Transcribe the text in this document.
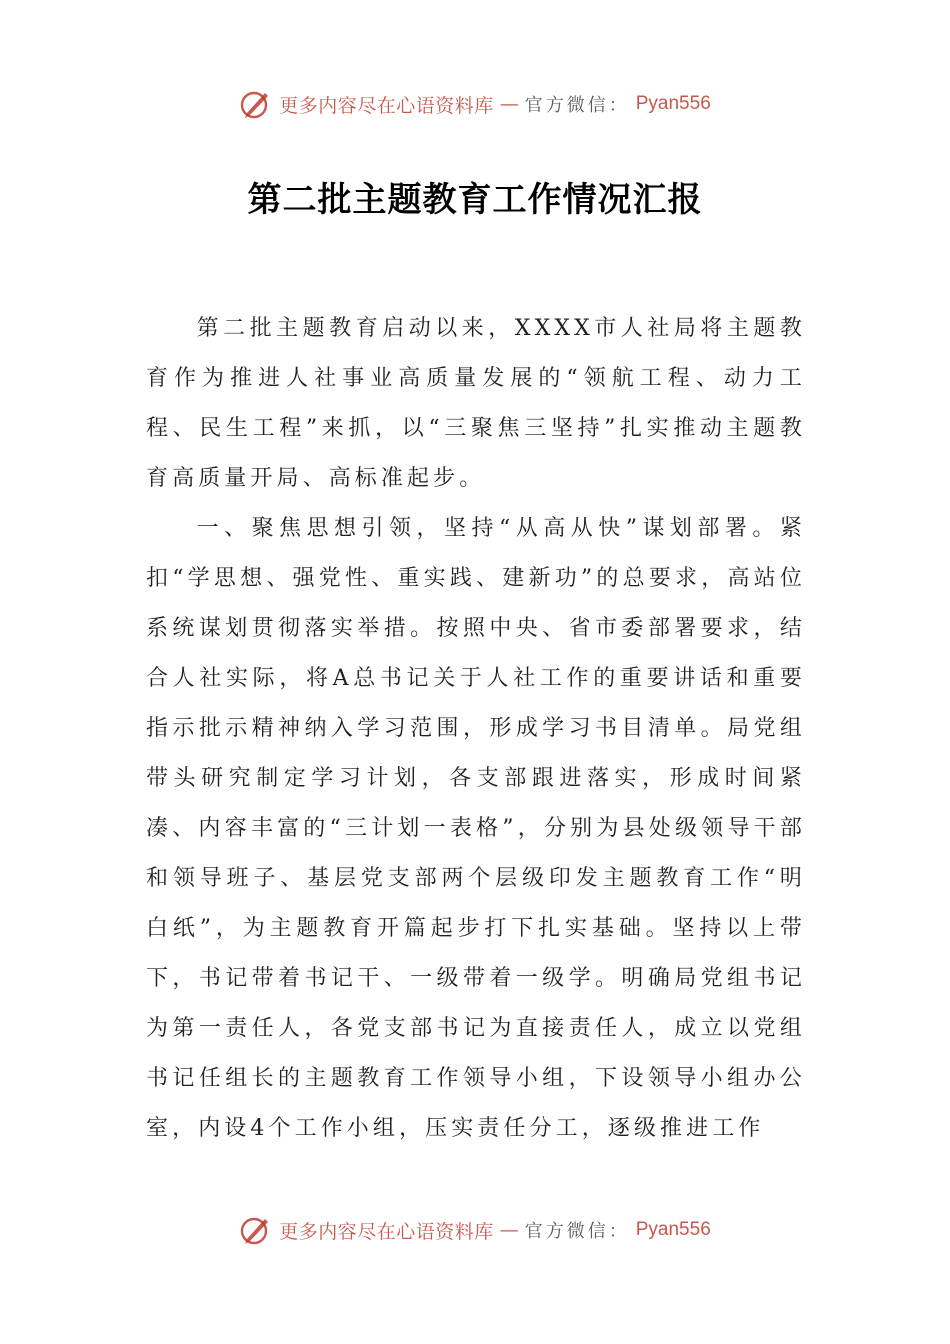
更多内容尽在心语资料库 — 官方微信： Pyan556
第二批主题教育工作情况汇报

第二批主题教育启动以来，XXXX市人社局将主题教育作为推进人社事业高质量发展的“领航工程、动力工程、民生工程”来抓，以“三聚焦三坚持”扎实推动主题教育高质量开局、高标准起步。

一、聚焦思想引领，坚持“从高从快”谋划部署。紧扣“学思想、强党性、重实践、建新功”的总要求，高站位系统谋划贯彻落实举措。按照中央、省市委部署要求，结合人社实际，将A总书记关于人社工作的重要讲话和重要指示批示精神纳入学习范围，形成学习书目清单。局党组带头研究制定学习计划，各支部跟进落实，形成时间紧凑、内容丰富的“三计划一表格”，分别为县处级领导干部和领导班子、基层党支部两个层级印发主题教育工作“明白纸”，为主题教育开篇起步打下扎实基础。坚持以上带下，书记带着书记干、一级带着一级学。明确局党组书记为第一责任人，各党支部书记为直接责任人，成立以党组书记任组长的主题教育工作领导小组，下设领导小组办公室，内设4个工作小组，压实责任分工，逐级推进工作

更多内容尽在心语资料库 — 官方微信： Pyan556
